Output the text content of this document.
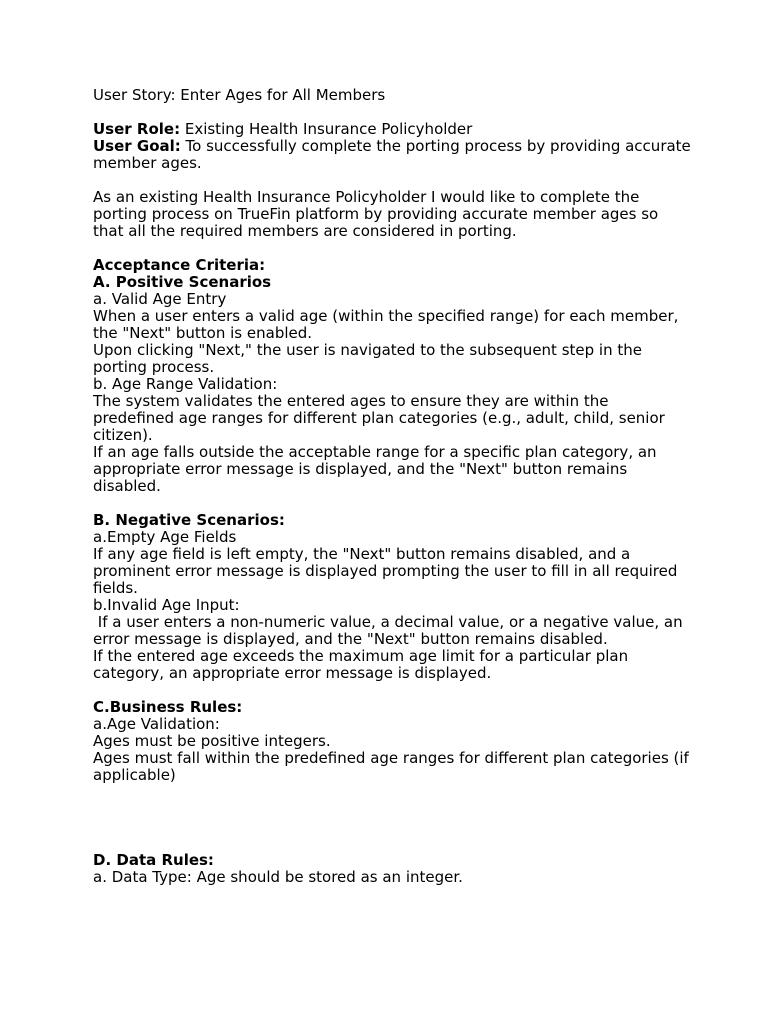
User Story: Enter Ages for All Members

User Role: Existing Health Insurance Policyholder

User Goal: To successfully complete the porting process by providing accurate member ages.

As an existing Health Insurance Policyholder I would like to complete the porting process on TrueFin platform by providing accurate member ages so that all the required members are considered in porting.

Acceptance Criteria:

A. Positive Scenarios

a. Valid Age Entry

When a user enters a valid age (within the specified range) for each member, the "Next" button is enabled.

Upon clicking "Next," the user is navigated to the subsequent step in the porting process.

b. Age Range Validation:

The system validates the entered ages to ensure they are within the predefined age ranges for different plan categories (e.g., adult, child, senior citizen).

If an age falls outside the acceptable range for a specific plan category, an appropriate error message is displayed, and the "Next" button remains disabled.

B. Negative Scenarios:

a.Empty Age Fields

If any age field is left empty, the "Next" button remains disabled, and a prominent error message is displayed prompting the user to fill in all required fields.

b.Invalid Age Input:

If a user enters a non-numeric value, a decimal value, or a negative value, an error message is displayed, and the "Next" button remains disabled.

If the entered age exceeds the maximum age limit for a particular plan category, an appropriate error message is displayed.

C.Business Rules:

a.Age Validation:

Ages must be positive integers.

Ages must fall within the predefined age ranges for different plan categories (if applicable)

D. Data Rules:

a. Data Type: Age should be stored as an integer.
